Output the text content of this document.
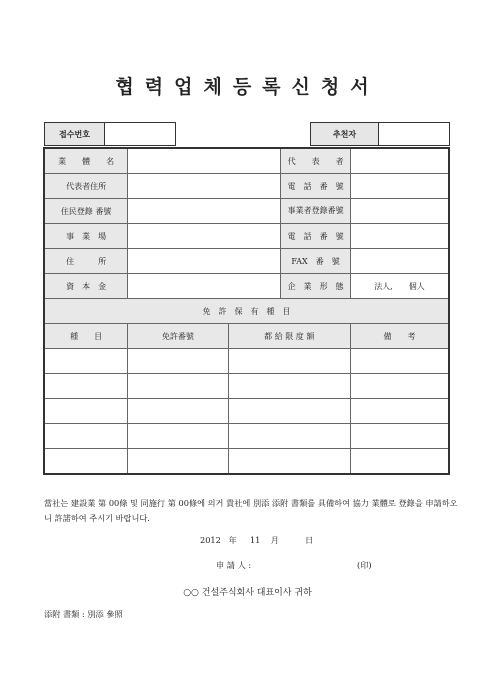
협력업체등록신청서
접수번호	추천자
業　　體　　名			代　　表　　者	
代表者住所			電　話　番　號	
住民登錄 番號			事業者登錄番號	
事　業　場			電　話　番　號	
住　　　所			FAX　番　號	
資　本　金			企　業　形　態	法人,　　個人
免　許　保　有　種　目				
種　　目	免許番號	都 給 限 度 額		備　　考

當社는 建設業 第 00條 및 同施行 第 00條에 의거 貴社에 別添 添附 書類를 具備하여 協力 業體로 登錄을 申請하오니 許諾하여 주시기 바랍니다.
2012 年 11 月	日
申 請 人 :	(印)
○○ 건설주식회사 대표이사 귀하
添附 書類 : 別添 參照
